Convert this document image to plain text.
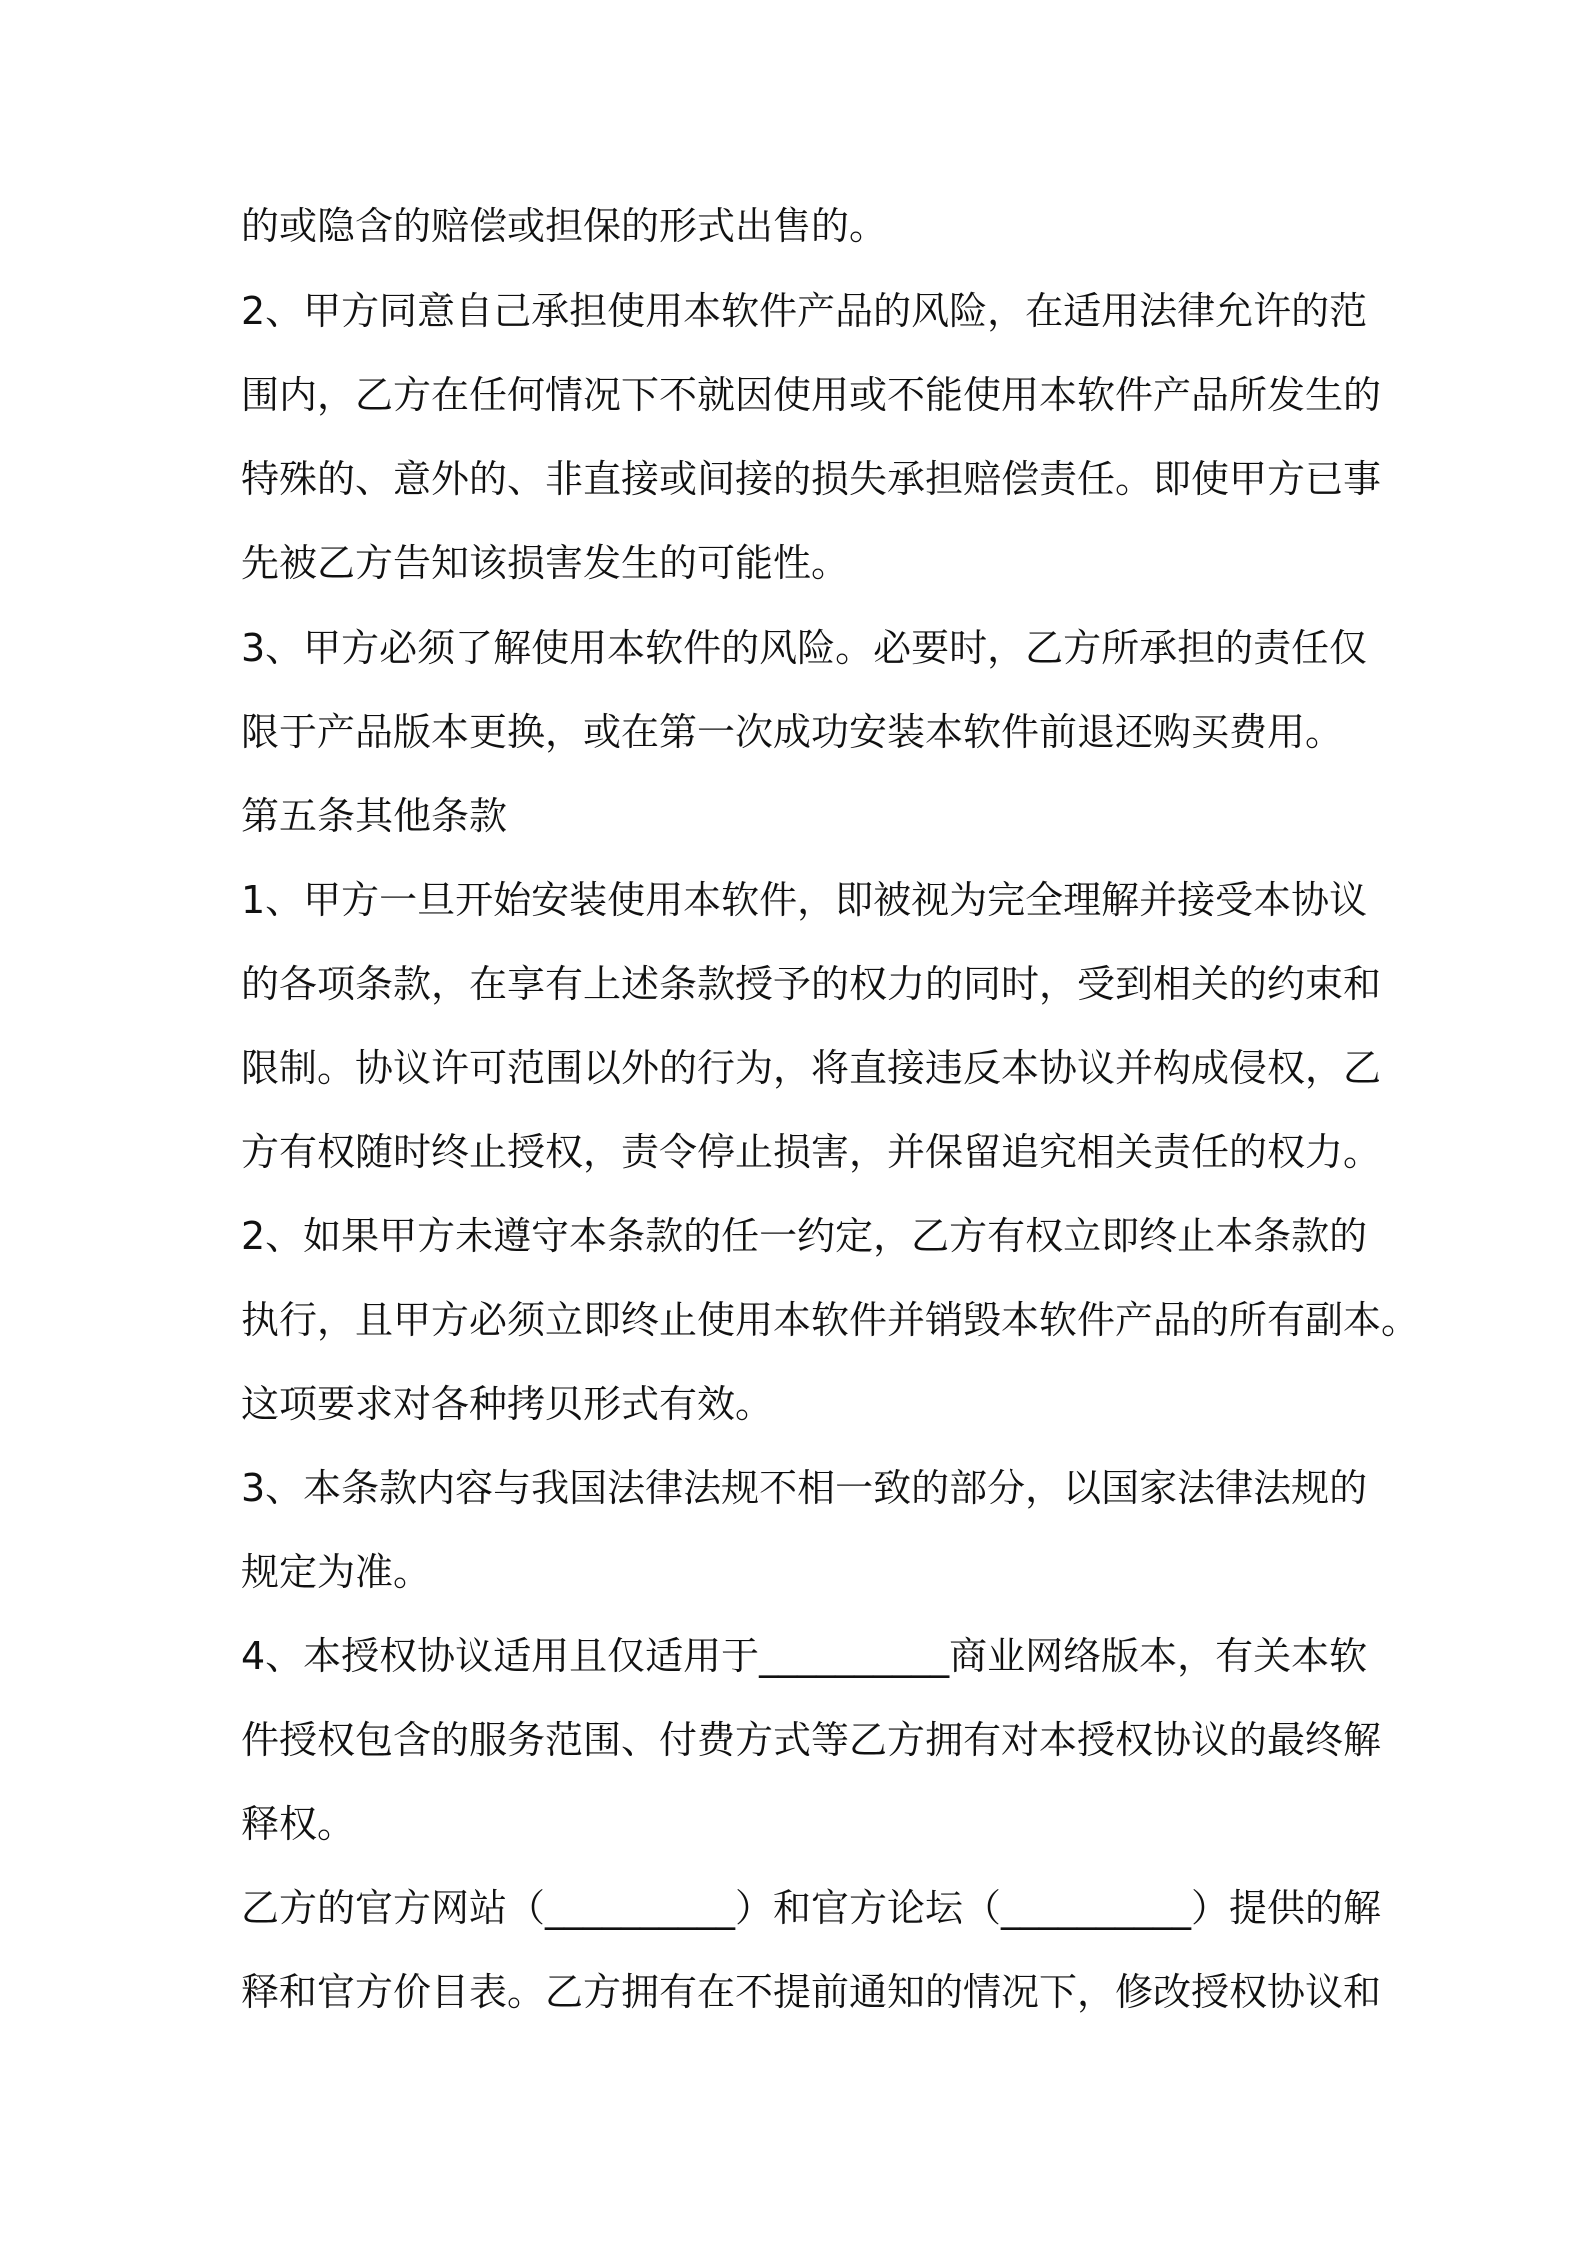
的或隐含的赔偿或担保的形式出售的。

2、甲方同意自己承担使用本软件产品的风险，在适用法律允许的范

围内，乙方在任何情况下不就因使用或不能使用本软件产品所发生的

特殊的、意外的、非直接或间接的损失承担赔偿责任。即使甲方已事

先被乙方告知该损害发生的可能性。

3、甲方必须了解使用本软件的风险。必要时，乙方所承担的责任仅

限于产品版本更换，或在第一次成功安装本软件前退还购买费用。

第五条其他条款

1、甲方一旦开始安装使用本软件，即被视为完全理解并接受本协议

的各项条款，在享有上述条款授予的权力的同时，受到相关的约束和

限制。协议许可范围以外的行为，将直接违反本协议并构成侵权，乙

方有权随时终止授权，责令停止损害，并保留追究相关责任的权力。

2、如果甲方未遵守本条款的任一约定，乙方有权立即终止本条款的

执行，且甲方必须立即终止使用本软件并销毁本软件产品的所有副本。

这项要求对各种拷贝形式有效。

3、本条款内容与我国法律法规不相一致的部分，以国家法律法规的

规定为准。

4、本授权协议适用且仅适用于__________商业网络版本，有关本软

件授权包含的服务范围、付费方式等乙方拥有对本授权协议的最终解

释权。

乙方的官方网站（__________）和官方论坛（__________）提供的解

释和官方价目表。乙方拥有在不提前通知的情况下，修改授权协议和
